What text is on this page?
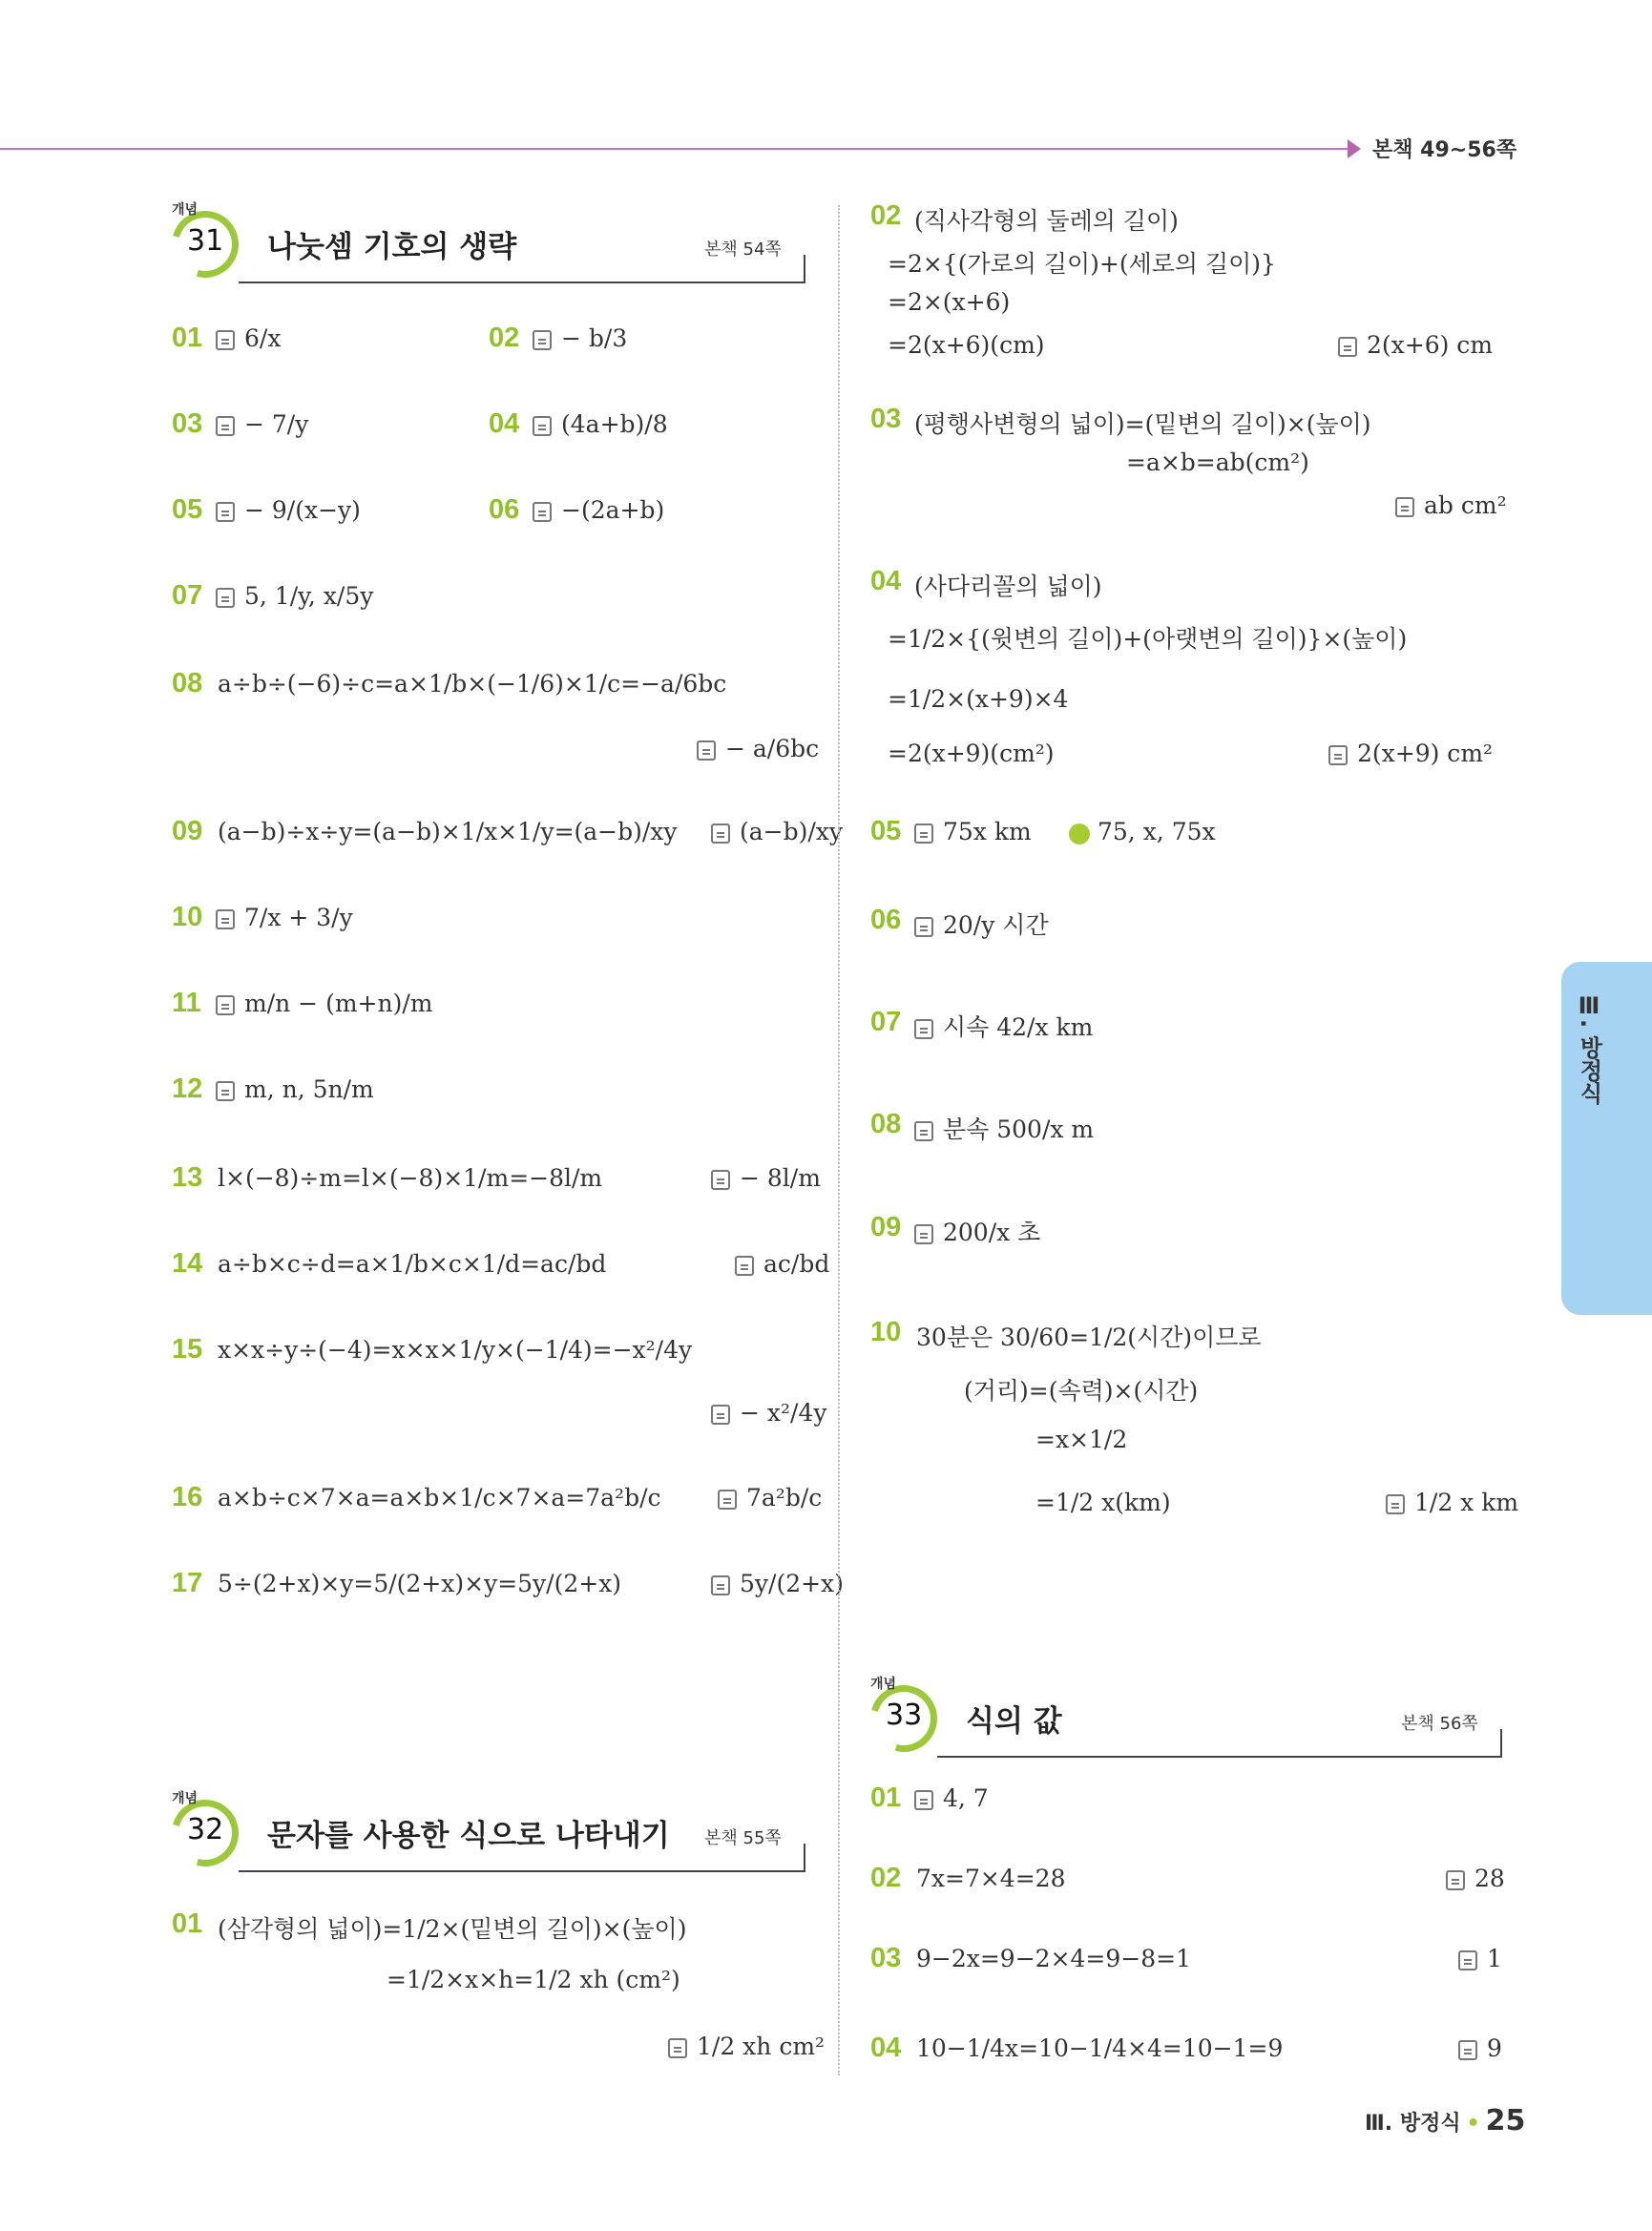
본책 49~56쪽
개념
31 나눗셈 기호의 생략	본책 54쪽
01	6/x	02	− b/3
03	− 7/y	04	(4a+b)/8
05	− 9/(x−y)	06	−(2a+b)
07	5, 1/y, x/5y
08 a÷b÷(−6)÷c=a×1/b×(−1/6)×1/c=−a/6bc
− a/6bc
09 (a−b)÷x÷y=(a−b)×1/x×1/y=(a−b)/xy	(a−b)/xy
10	7/x + 3/y
11	m/n − (m+n)/m
12	m, n, 5n/m
13 l×(−8)÷m=l×(−8)×1/m=−8l/m	− 8l/m
14 a÷b×c÷d=a×1/b×c×1/d=ac/bd	ac/bd
15 x×x÷y÷(−4)=x×x×1/y×(−1/4)=−x²/4y
− x²/4y
16 a×b÷c×7×a=a×b×1/c×7×a=7a²b/c	7a²b/c
17 5÷(2+x)×y=5/(2+x)×y=5y/(2+x)	5y/(2+x)
개념
32 문자를 사용한 식으로 나타내기 본책 55쪽
01 (삼각형의 넓이)=1/2×(밑변의 길이)×(높이)
=1/2×x×h=1/2 xh (cm²)
1/2 xh cm²
02 (직사각형의 둘레의 길이)
=2×{(가로의 길이)+(세로의 길이)}
=2×(x+6)
=2(x+6)(cm)	2(x+6) cm
03 (평행사변형의 넓이)=(밑변의 길이)×(높이)
=a×b=ab(cm²)
ab cm²
04 (사다리꼴의 넓이)
=1/2×{(윗변의 길이)+(아랫변의 길이)}×(높이)
=1/2×(x+9)×4
=2(x+9)(cm²)	2(x+9) cm²
05	75x km	75, x, 75x
06	20/y 시간
07	시속 42/x km
08	분속 500/x m
09	200/x 초
10 30분은 30/60=1/2(시간)이므로
(거리)=(속력)×(시간)
=x×1/2
=1/2 x(km)	1/2 x km
개념
33 식의 값	본책 56쪽
01	4, 7
02 7x=7×4=28	28
03 9−2x=9−2×4=9−8=1	1
04 10−1/4x=10−1/4×4=10−1=9	9
Ⅲ. 방정식
Ⅲ. 방정식 • 25
